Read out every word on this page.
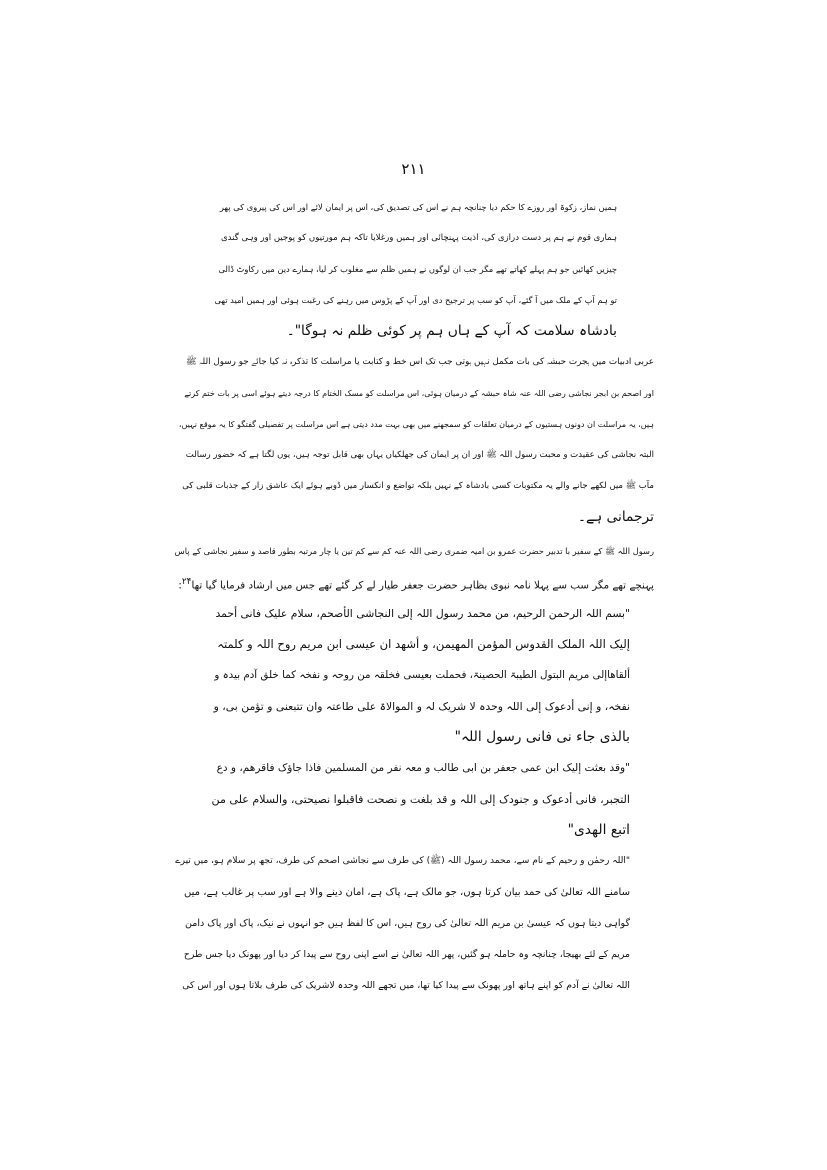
۲۱۱
ہمیں نماز، زکوۃ اور روزے کا حکم دیا چنانچہ ہم نے اس کی تصدیق کی، اس پر ایمان لائے اور اس کی پیروی کی پھر
ہماری قوم نے ہم پر دست درازی کی، اذیت پہنچائی اور ہمیں ورغلایا تاکہ ہم مورتیوں کو پوجیں اور وہی گندی
چیزیں کھائیں جو ہم پہلے کھاتے تھے مگر جب ان لوگوں نے ہمیں ظلم سے مغلوب کر لیا، ہمارے دین میں رکاوٹ ڈالی
تو ہم آپ کے ملک میں آ گئے، آپ کو سب پر ترجیح دی اور آپ کے پڑوس میں رہنے کی رغبت ہوئی اور ہمیں امید تھی
بادشاہ سلامت کہ آپ کے ہاں ہم پر کوئی ظلم نہ ہوگا"۔
عربی ادبیات میں ہجرت حبشہ کی بات مکمل نہیں ہوتی جب تک اس خط و کتابت یا مراسلت کا تذکرہ نہ کیا جائے جو رسول اللہ ﷺ
اور اصحم بن ابجر نجاشی رضی اللہ عنہ شاہ حبشہ کے درمیان ہوئی، اس مراسلت کو مسک الختام کا درجہ دیتے ہوئے اسی پر بات ختم کرتے
ہیں، یہ مراسلت ان دونوں ہستیوں کے درمیان تعلقات کو سمجھنے میں بھی بہت مدد دیتی ہے اس مراسلت پر تفصیلی گفتگو کا یہ موقع نہیں،
البتہ نجاشی کی عقیدت و محبت رسول اللہ ﷺ اور ان پر ایمان کی جھلکیاں یہاں بھی قابل توجہ ہیں، یوں لگتا ہے کہ حضور رسالت
مآب ﷺ میں لکھے جانے والے یہ مکتوبات کسی بادشاہ کے نہیں بلکہ تواضع و انکسار میں ڈوبے ہوئے ایک عاشق زار کے جذبات قلبی کی
ترجمانی ہے۔
رسول اللہ ﷺ کے سفیر با تدبیر حضرت عمرو بن امیہ ضمری رضی اللہ عنہ کم سے کم تین یا چار مرتبہ بطور قاصد و سفیر نجاشی کے پاس
پہنچے تھے مگر سب سے پہلا نامہ نبوی بظاہر حضرت جعفر طیار لے کر گئے تھے جس میں ارشاد فرمایا گیا تھا۲۴:
"بسم اللہ الرحمن الرحیم، من محمد رسول اللہ إلی النجاشی الأصحم، سلام علیک فانی أحمد
إلیک اللہ الملک القدوس المؤمن المھیمن، و أشھد ان عیسی ابن مریم روح اللہ و کلمتہ
ألقاھاإلی مریم البتول الطیبۃ الحصینۃ، فحملت بعیسی فخلقہ من روحہ و نفخہ کما خلق آدم بیدہ و
نفخہ، و إنی أدعوک إلی اللہ وحدہ لا شریک لہ و الموالاۃ علی طاعتہ وان تتبعنی و تؤمن بی، و
بالذی جاء نی فانی رسول اللہ"
"وقد بعثت إلیک ابن عمی جعفر بن ابی طالب و معہ نفر من المسلمین فاذا جاؤک فاقرھم، و دع
التجبر، فانی أدعوک و جنودک إلی اللہ و قد بلغت و نصحت فاقبلوا نصیحتی، والسلام علی من
اتبع الھدی"
"اللہ رحمٰن و رحیم کے نام سے، محمد رسول اللہ (ﷺ) کی طرف سے نجاشی اصحم کی طرف، تجھ پر سلام ہو، میں تیرے
سامنے اللہ تعالیٰ کی حمد بیان کرتا ہوں، جو مالک ہے، پاک ہے، امان دینے والا ہے اور سب پر غالب ہے، میں
گواہی دیتا ہوں کہ عیسیٰ بن مریم اللہ تعالیٰ کی روح ہیں، اس کا لفظ ہیں جو انہوں نے نیک، پاک اور پاک دامن
مریم کے لئے بھیجا، چنانچہ وہ حاملہ ہو گئیں، پھر اللہ تعالیٰ نے اسے اپنی روح سے پیدا کر دیا اور پھونک دیا جس طرح
اللہ تعالیٰ نے آدم کو اپنے ہاتھ اور پھونک سے پیدا کیا تھا، میں تجھے اللہ وحدہ لاشریک کی طرف بلاتا ہوں اور اس کی
